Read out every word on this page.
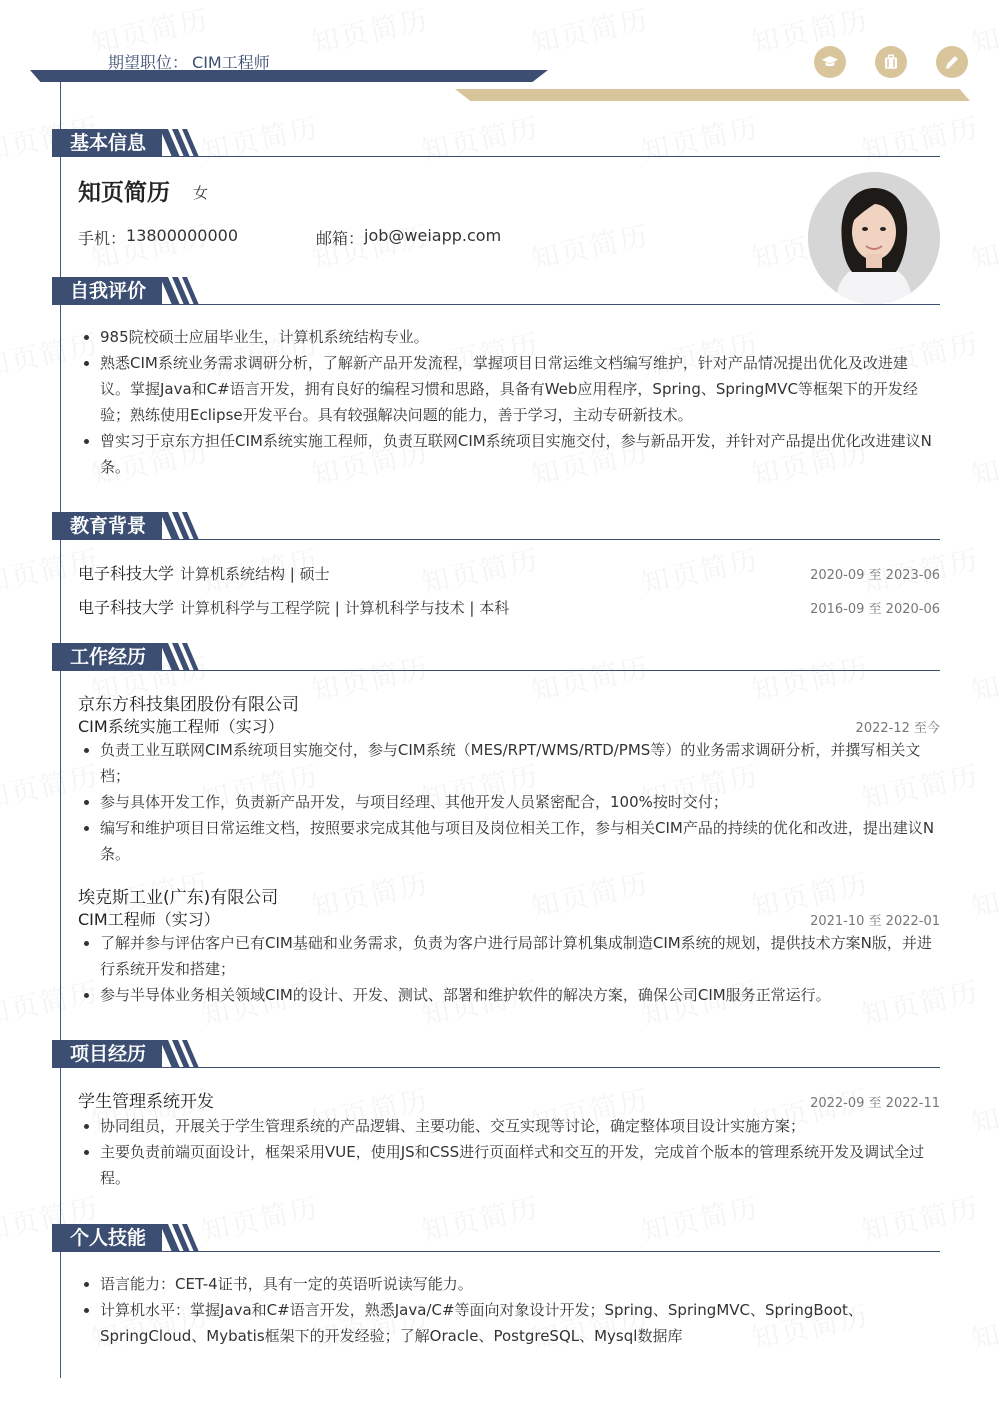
期望职位： CIM工程师
基本信息
知页简历 女
手机： 13800000000	邮箱： job@weiapp.com
自我评价
985院校硕士应届毕业生，计算机系统结构专业。
熟悉CIM系统业务需求调研分析，了解新产品开发流程，掌握项目日常运维文档编写维护，针对产品情况提出优化及改进建议。掌握Java和C#语言开发，拥有良好的编程习惯和思路，具备有Web应用程序，Spring、SpringMVC等框架下的开发经验；熟练使用Eclipse开发平台。具有较强解决问题的能力，善于学习，主动专研新技术。
曾实习于京东方担任CIM系统实施工程师，负责互联网CIM系统项目实施交付，参与新品开发，并针对产品提出优化改进建议N条。
教育背景
电子科技大学 计算机系统结构 | 硕士	2020-09 至 2023-06
电子科技大学 计算机科学与工程学院 | 计算机科学与技术 | 本科	2016-09 至 2020-06
工作经历
京东方科技集团股份有限公司
CIM系统实施工程师（实习）	2022-12 至今
负责工业互联网CIM系统项目实施交付，参与CIM系统（MES/RPT/WMS/RTD/PMS等）的业务需求调研分析，并撰写相关文档；
参与具体开发工作，负责新产品开发，与项目经理、其他开发人员紧密配合，100%按时交付；
编写和维护项目日常运维文档，按照要求完成其他与项目及岗位相关工作，参与相关CIM产品的持续的优化和改进，提出建议N条。
埃克斯工业(广东)有限公司
CIM工程师（实习）	2021-10 至 2022-01
了解并参与评估客户已有CIM基础和业务需求，负责为客户进行局部计算机集成制造CIM系统的规划，提供技术方案N版，并进行系统开发和搭建；
参与半导体业务相关领域CIM的设计、开发、测试、部署和维护软件的解决方案，确保公司CIM服务正常运行。
项目经历
学生管理系统开发	2022-09 至 2022-11
协同组员，开展关于学生管理系统的产品逻辑、主要功能、交互实现等讨论，确定整体项目设计实施方案；
主要负责前端页面设计，框架采用VUE，使用JS和CSS进行页面样式和交互的开发，完成首个版本的管理系统开发及调试全过程。
个人技能
语言能力：CET-4证书，具有一定的英语听说读写能力。
计算机水平：掌握Java和C#语言开发，熟悉Java/C#等面向对象设计开发；Spring、SpringMVC、SpringBoot、SpringCloud、Mybatis框架下的开发经验；了解Oracle、PostgreSQL、Mysql数据库
